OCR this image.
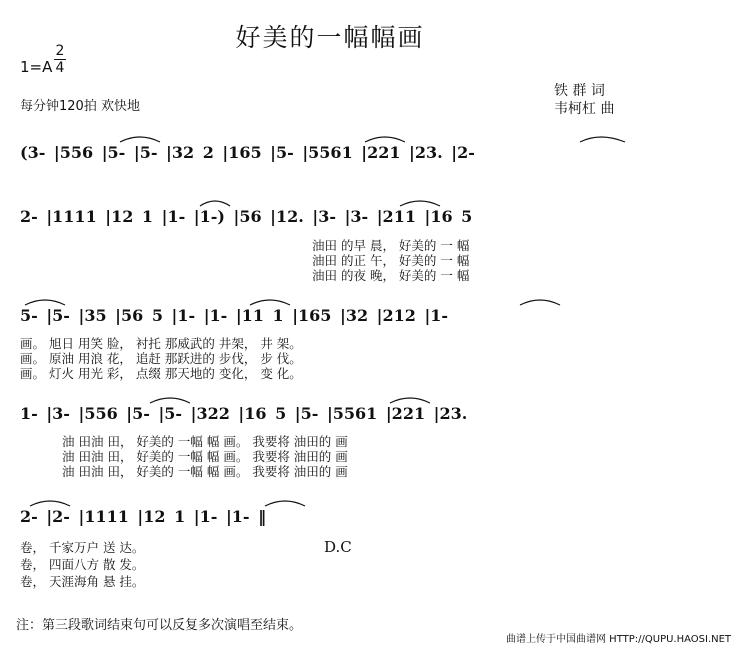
好美的一幅幅画
1=A
2
4
每分钟120拍 欢快地
铁 群 词
韦柯杠 曲
(3- |556 |5- |5- |32 2 |165 |5- |5561 |221 |23. |2-
2- |1111 |12 1 |1- |1-) |56 |12. |3- |3- |211 |16 5
油田 的早 晨， 好美的 一 幅
油田 的正 午， 好美的 一 幅
油田 的夜 晚， 好美的 一 幅
5- |5- |35 |56 5 |1- |1- |11 1 |165 |32 |212 |1-
画。 旭日 用笑 脸， 衬托 那威武的 井架， 井 架。
画。 原油 用浪 花， 追赶 那跃进的 步伐， 步 伐。
画。 灯火 用光 彩， 点缀 那天地的 变化， 变 化。
1- |3- |556 |5- |5- |322 |16 5 |5- |5561 |221 |23.
油 田油 田， 好美的 一幅 幅 画。 我要将 油田的 画
油 田油 田， 好美的 一幅 幅 画。 我要将 油田的 画
油 田油 田， 好美的 一幅 幅 画。 我要将 油田的 画
2- |2- |1111 |12 1 |1- |1- ‖
D.C
卷， 千家万户 送 达。
卷， 四面八方 散 发。
卷， 天涯海角 悬 挂。
注：第三段歌词结束句可以反复多次演唱至结束。
曲谱上传于中国曲谱网 HTTP://QUPU.HAOSI.NET
